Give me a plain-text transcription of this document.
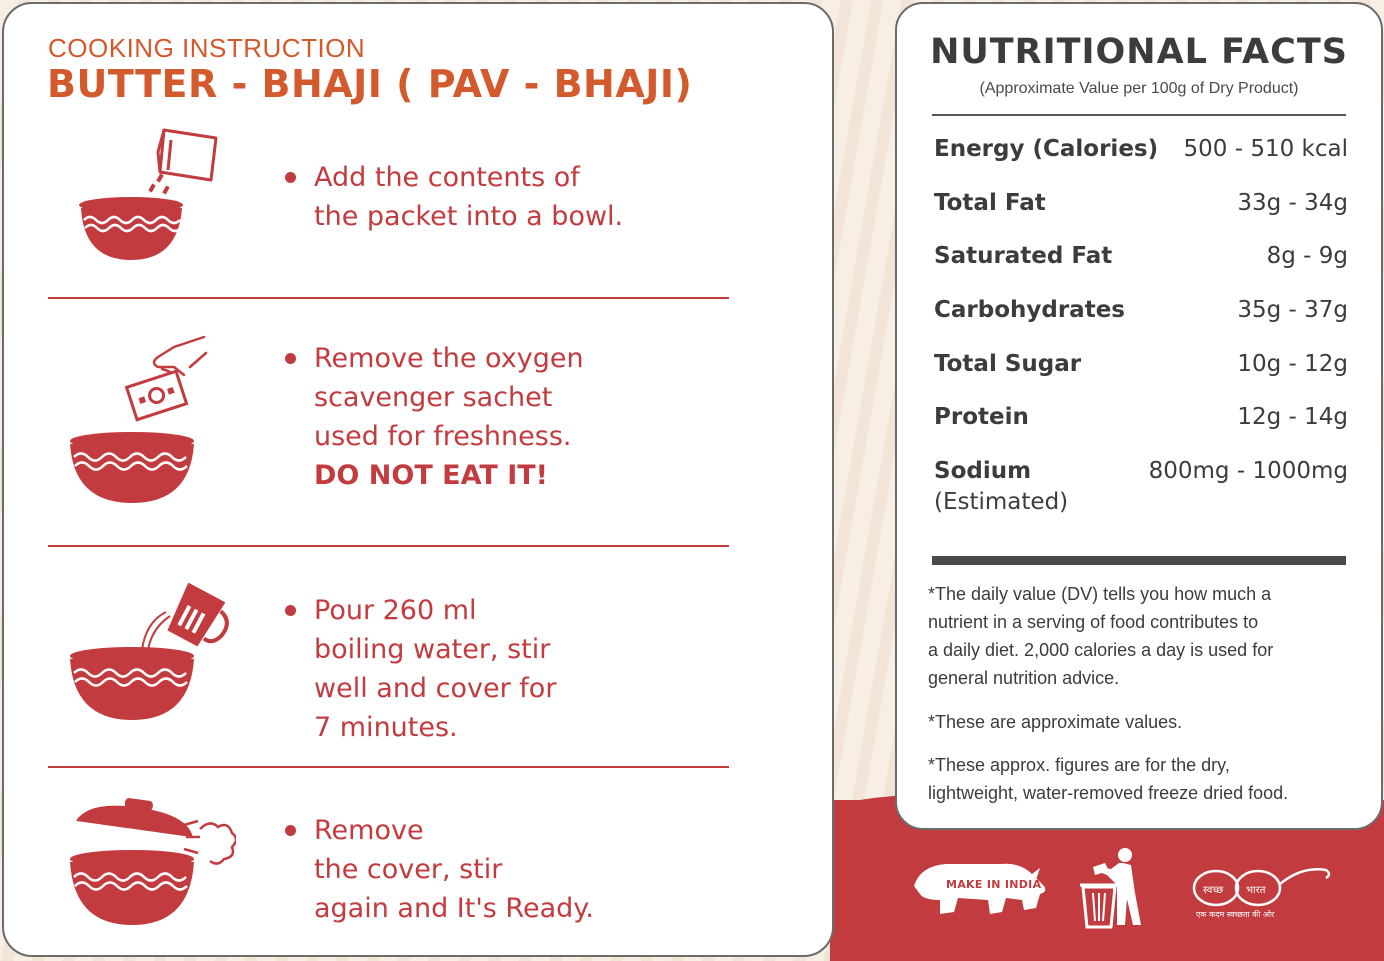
COOKING INSTRUCTION
BUTTER - BHAJI ( PAV - BHAJI)
Add the contents of
the packet into a bowl.
Remove the oxygen
scavenger sachet
used for freshness.
DO NOT EAT IT!
Pour 260 ml
boiling water, stir
well and cover for
7 minutes.
Remove
the cover, stir
again and It's Ready.
NUTRITIONAL FACTS
(Approximate Value per 100g of Dry Product)
Energy (Calories) 500 - 510 kcal
Total Fat	33g - 34g
Saturated Fat	8g - 9g
Carbohydrates	35g - 37g
Total Sugar	10g - 12g
Protein	12g - 14g
Sodium	800mg - 1000mg
(Estimated)
*The daily value (DV) tells you how much a
nutrient in a serving of food contributes to
a daily diet. 2,000 calories a day is used for
general nutrition advice.
*These are approximate values.
*These approx. figures are for the dry,
lightweight, water-removed freeze dried food.
MAKE IN INDIA	स्वच्छ भारत
एक कदम स्वच्छता की ओर
